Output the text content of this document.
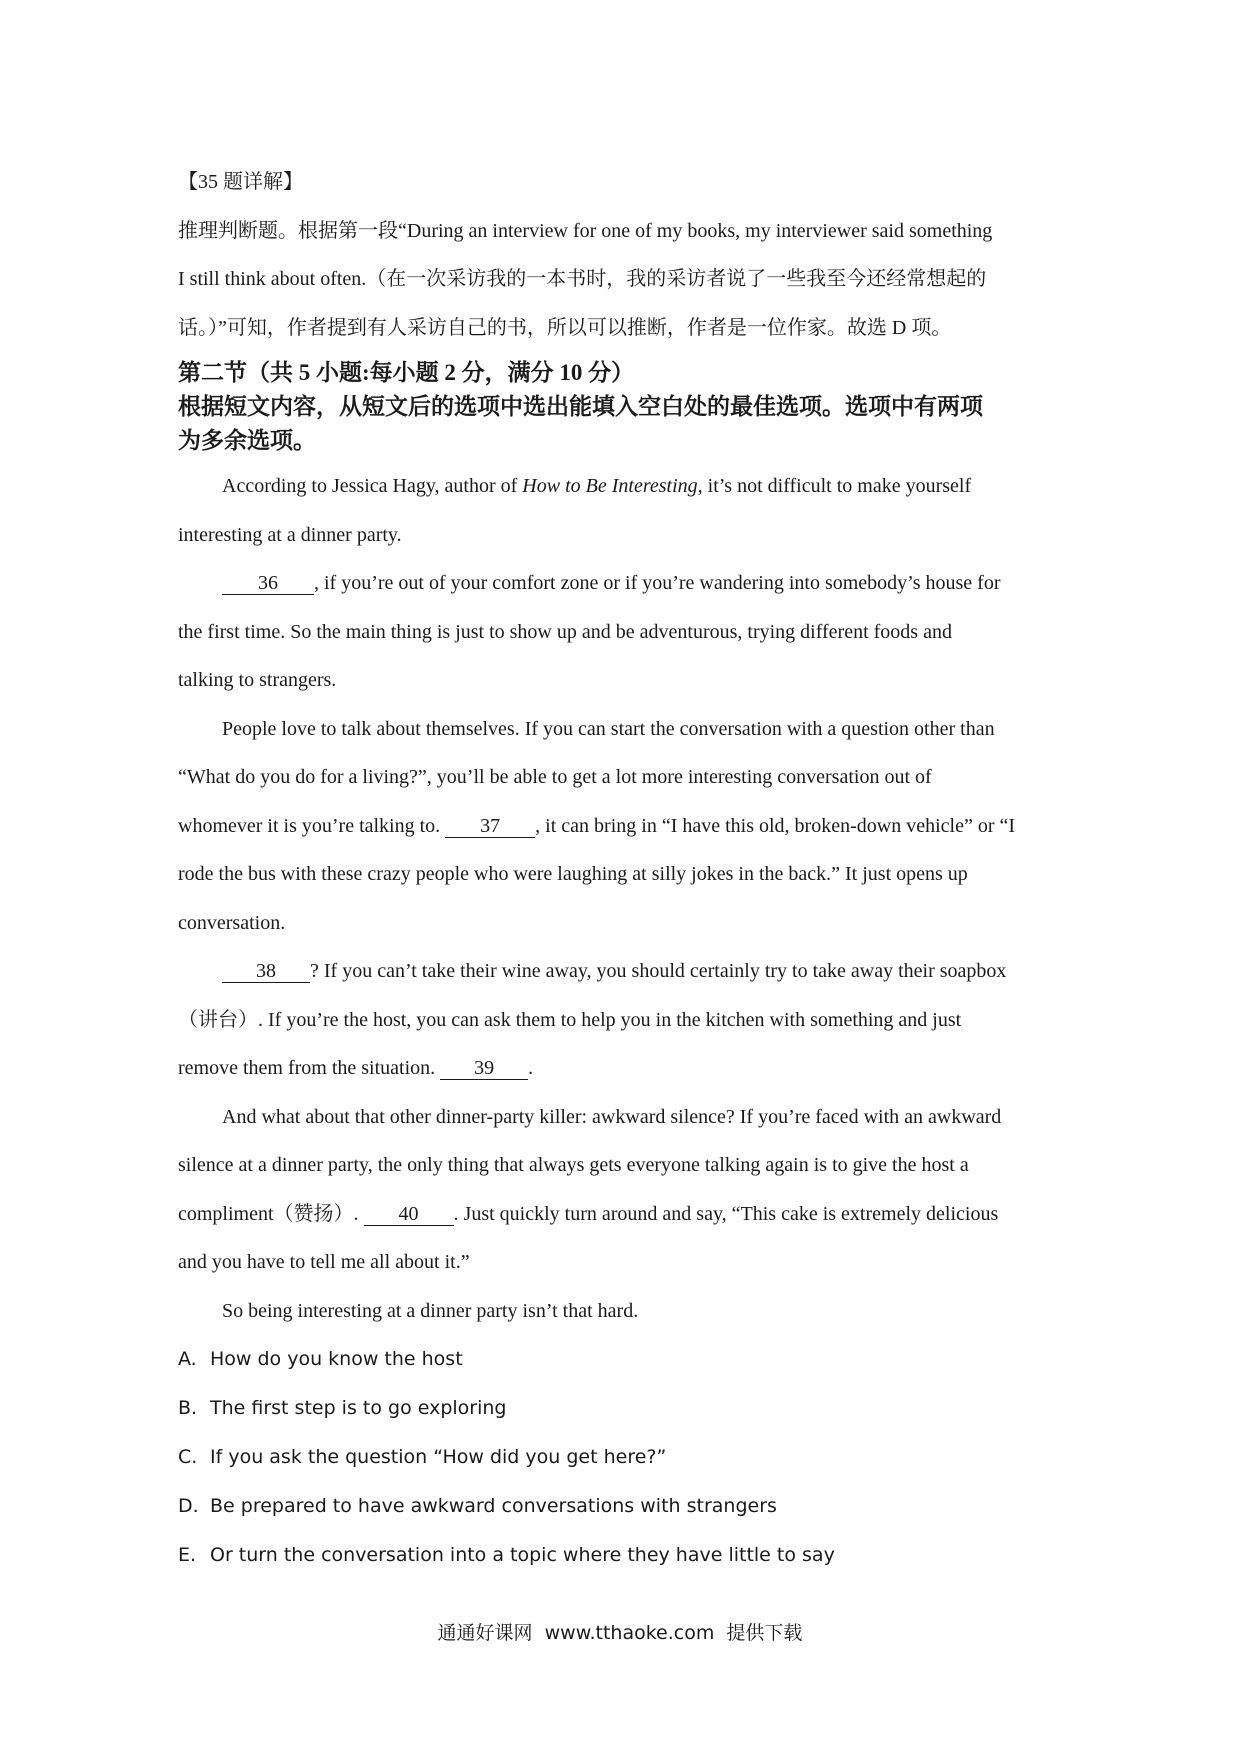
【35 题详解】
推理判断题。根据第一段“During an interview for one of my books, my interviewer said something
I still think about often.（在一次采访我的一本书时，我的采访者说了一些我至今还经常想起的
话。）”可知，作者提到有人采访自己的书，所以可以推断，作者是一位作家。故选 D 项。
第二节（共 5 小题:每小题 2 分，满分 10 分）
根据短文内容，从短文后的选项中选出能填入空白处的最佳选项。选项中有两项
为多余选项。
According to Jessica Hagy, author of How to Be Interesting, it’s not difficult to make yourself
interesting at a dinner party.
36 , if you’re out of your comfort zone or if you’re wandering into somebody’s house for
the first time. So the main thing is just to show up and be adventurous, trying different foods and
talking to strangers.
People love to talk about themselves. If you can start the conversation with a question other than
“What do you do for a living?”, you’ll be able to get a lot more interesting conversation out of
whomever it is you’re talking to. 37 , it can bring in “I have this old, broken-down vehicle” or “I
rode the bus with these crazy people who were laughing at silly jokes in the back.” It just opens up
conversation.
38 ? If you can’t take their wine away, you should certainly try to take away their soapbox
（讲台）. If you’re the host, you can ask them to help you in the kitchen with something and just
remove them from the situation. 39 .
And what about that other dinner-party killer: awkward silence? If you’re faced with an awkward
silence at a dinner party, the only thing that always gets everyone talking again is to give the host a
compliment（赞扬）. 40 . Just quickly turn around and say, “This cake is extremely delicious
and you have to tell me all about it.”
So being interesting at a dinner party isn’t that hard.
A. How do you know the host
B. The first step is to go exploring
C. If you ask the question “How did you get here?”
D. Be prepared to have awkward conversations with strangers
E. Or turn the conversation into a topic where they have little to say
通通好课网 www.tthaoke.com 提供下载
